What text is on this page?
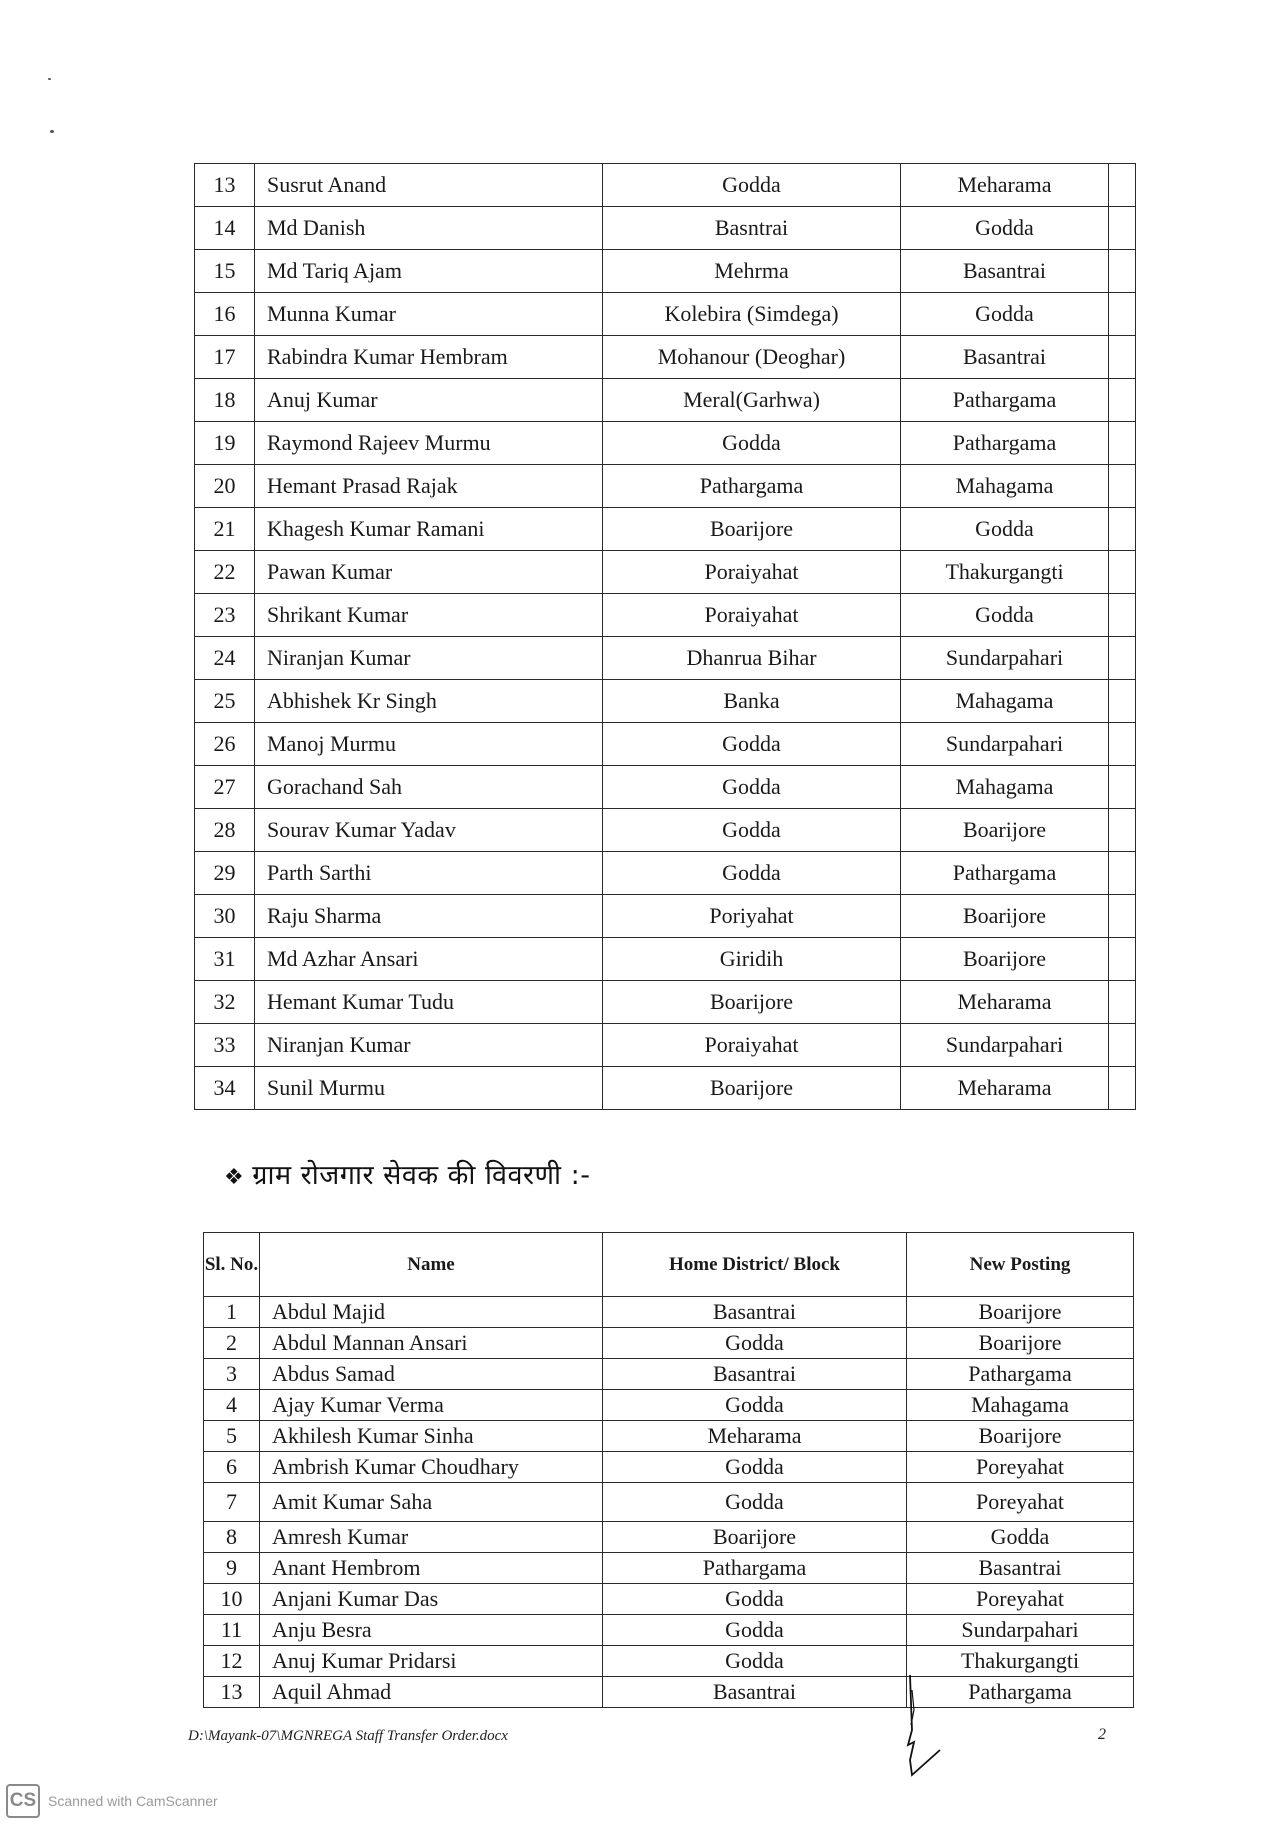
13	Susrut Anand	Godda	Meharama	
14	Md Danish	Basntrai	Godda	
15	Md Tariq Ajam	Mehrma	Basantrai	
16	Munna Kumar	Kolebira (Simdega)	Godda	
17	Rabindra Kumar Hembram	Mohanour (Deoghar)	Basantrai	
18	Anuj Kumar	Meral(Garhwa)	Pathargama	
19	Raymond Rajeev Murmu	Godda	Pathargama	
20	Hemant Prasad Rajak	Pathargama	Mahagama	
21	Khagesh Kumar Ramani	Boarijore	Godda	
22	Pawan Kumar	Poraiyahat	Thakurgangti	
23	Shrikant Kumar	Poraiyahat	Godda	
24	Niranjan Kumar	Dhanrua Bihar	Sundarpahari	
25	Abhishek Kr Singh	Banka	Mahagama	
26	Manoj Murmu	Godda	Sundarpahari	
27	Gorachand Sah	Godda	Mahagama	
28	Sourav Kumar Yadav	Godda	Boarijore	
29	Parth Sarthi	Godda	Pathargama	
30	Raju Sharma	Poriyahat	Boarijore	
31	Md Azhar Ansari	Giridih	Boarijore	
32	Hemant Kumar Tudu	Boarijore	Meharama	
33	Niranjan Kumar	Poraiyahat	Sundarpahari	
34	Sunil Murmu	Boarijore	Meharama	
❖ ग्राम रोजगार सेवक की विवरणी :-
Sl. No.	Name	Home District/ Block	New Posting
1	Abdul Majid	Basantrai	Boarijore
2	Abdul Mannan Ansari	Godda	Boarijore
3	Abdus Samad	Basantrai	Pathargama
4	Ajay Kumar Verma	Godda	Mahagama
5	Akhilesh Kumar Sinha	Meharama	Boarijore
6	Ambrish Kumar Choudhary	Godda	Poreyahat
7	Amit Kumar Saha	Godda	Poreyahat
8	Amresh Kumar	Boarijore	Godda
9	Anant Hembrom	Pathargama	Basantrai
10	Anjani Kumar Das	Godda	Poreyahat
11	Anju Besra	Godda	Sundarpahari
12	Anuj Kumar Pridarsi	Godda	Thakurgangti
13	Aquil Ahmad	Basantrai	Pathargama
D:\Mayank-07\MGNREGA Staff Transfer Order.docx	2
CS Scanned with CamScanner
